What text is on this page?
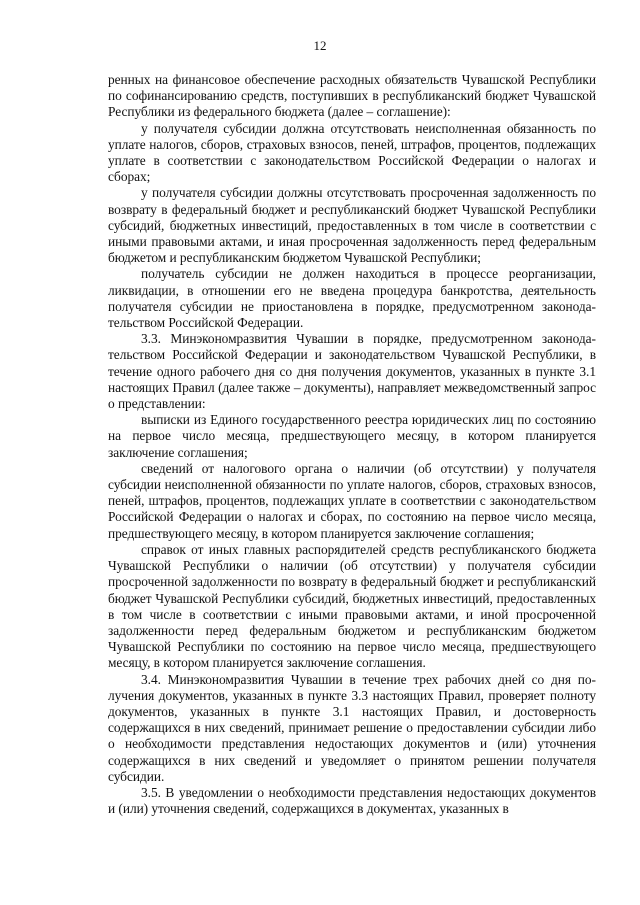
12

ренных на финансовое обеспечение расходных обязательств Чувашской Республики по софинансированию средств, поступивших в республиканский бюджет Чувашской Республики из федерального бюджета (далее – соглашение):

у получателя субсидии должна отсутствовать неисполненная обязанность по уплате налогов, сборов, страховых взносов, пеней, штрафов, процентов, подлежащих уплате в соответствии с законодательством Российской Федерации о налогах и сборах;

у получателя субсидии должны отсутствовать просроченная задолженность по возврату в федеральный бюджет и республиканский бюджет Чувашской Республики субсидий, бюджетных инвестиций, предоставленных в том числе в соответствии с иными правовыми актами, и иная просроченная задолженность перед федеральным бюджетом и республиканским бюджетом Чувашской Республики;

получатель субсидии не должен находиться в процессе реорганизации, ликвидации, в отношении его не введена процедура банкротства, деятельность получателя субсидии не приостановлена в порядке, предусмотренном законодательством Российской Федерации.

3.3. Минэкономразвития Чувашии в порядке, предусмотренном законодательством Российской Федерации и законодательством Чувашской Республики, в течение одного рабочего дня со дня получения документов, указанных в пункте 3.1 настоящих Правил (далее также – документы), направляет межведомственный запрос о представлении:

выписки из Единого государственного реестра юридических лиц по состоянию на первое число месяца, предшествующего месяцу, в котором планируется заключение соглашения;

сведений от налогового органа о наличии (об отсутствии) у получателя субсидии неисполненной обязанности по уплате налогов, сборов, страховых взносов, пеней, штрафов, процентов, подлежащих уплате в соответствии с законодательством Российской Федерации о налогах и сборах, по состоянию на первое число месяца, предшествующего месяцу, в котором планируется заключение соглашения;

справок от иных главных распорядителей средств республиканского бюджета Чувашской Республики о наличии (об отсутствии) у получателя субсидии просроченной задолженности по возврату в федеральный бюджет и республиканский бюджет Чувашской Республики субсидий, бюджетных инвестиций, предоставленных в том числе в соответствии с иными правовыми актами, и иной просроченной задолженности перед федеральным бюджетом и республиканским бюджетом Чувашской Республики по состоянию на первое число месяца, предшествующего месяцу, в котором планируется заключение соглашения.

3.4. Минэкономразвития Чувашии в течение трех рабочих дней со дня получения документов, указанных в пункте 3.3 настоящих Правил, проверяет полноту документов, указанных в пункте 3.1 настоящих Правил, и достоверность содержащихся в них сведений, принимает решение о предоставлении субсидии либо о необходимости представления недостающих документов и (или) уточнения содержащихся в них сведений и уведомляет о принятом решении получателя субсидии.

3.5. В уведомлении о необходимости представления недостающих документов и (или) уточнения сведений, содержащихся в документах, указанных в
